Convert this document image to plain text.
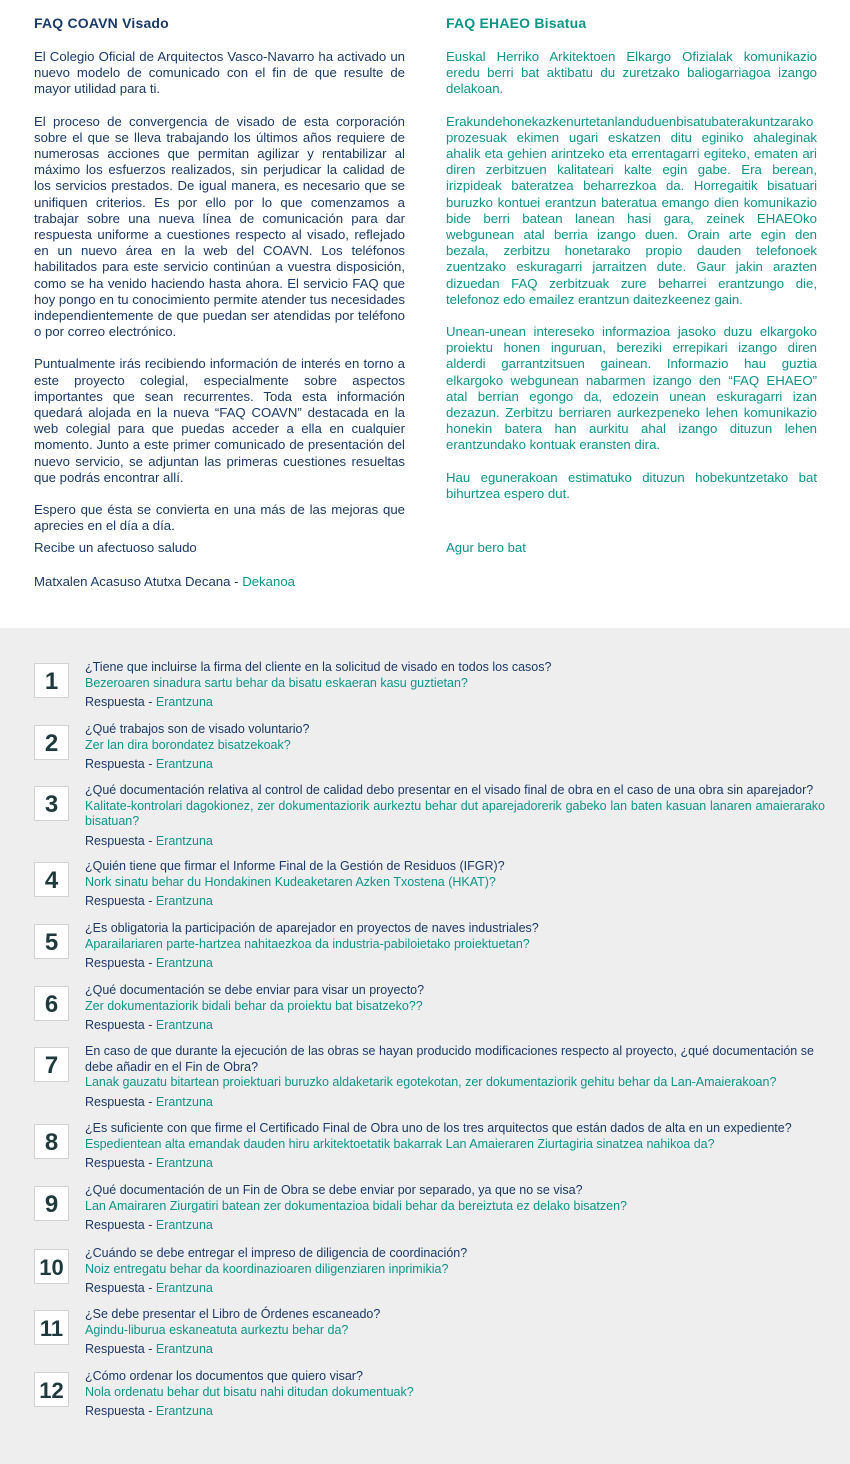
FAQ COAVN Visado

El Colegio Oficial de Arquitectos Vasco-Navarro ha activado un nuevo modelo de comunicado con el fin de que resulte de mayor utilidad para ti.

El proceso de convergencia de visado de esta corporación sobre el que se lleva trabajando los últimos años requiere de numerosas acciones que permitan agilizar y rentabilizar al máximo los esfuerzos realizados, sin perjudicar la calidad de los servicios prestados. De igual manera, es necesario que se unifiquen criterios. Es por ello por lo que comenzamos a trabajar sobre una nueva línea de comunicación para dar respuesta uniforme a cuestiones respecto al visado, reflejado en un nuevo área en la web del COAVN. Los teléfonos habilitados para este servicio continúan a vuestra disposición, como se ha venido haciendo hasta ahora. El servicio FAQ que hoy pongo en tu conocimiento permite atender tus necesidades independientemente de que puedan ser atendidas por teléfono o por correo electrónico.

Puntualmente irás recibiendo información de interés en torno a este proyecto colegial, especialmente sobre aspectos importantes que sean recurrentes. Toda esta información quedará alojada en la nueva “FAQ COAVN” destacada en la web colegial para que puedas acceder a ella en cualquier momento. Junto a este primer comunicado de presentación del nuevo servicio, se adjuntan las primeras cuestiones resueltas que podrás encontrar allí.

Espero que ésta se convierta en una más de las mejoras que aprecies en el día a día.

Recibe un afectuoso saludo

Matxalen Acasuso Atutxa Decana - Dekanoa

FAQ EHAEO Bisatua

Euskal Herriko Arkitektoen Elkargo Ofizialak komunikazio eredu berri bat aktibatu du zuretzako baliogarriagoa izango delakoan.

Erakundehonekazkenurtetanlanduduenbisatubaterakuntzarako prozesuak ekimen ugari eskatzen ditu eginiko ahaleginak ahalik eta gehien arintzeko eta errentagarri egiteko, ematen ari diren zerbitzuen kalitateari kalte egin gabe. Era berean, irizpideak bateratzea beharrezkoa da. Horregaitik bisatuari buruzko kontuei erantzun bateratua emango dien komunikazio bide berri batean lanean hasi gara, zeinek EHAEOko webgunean atal berria izango duen. Orain arte egin den bezala, zerbitzu honetarako propio dauden telefonoek zuentzako eskuragarri jarraitzen dute. Gaur jakin arazten dizuedan FAQ zerbitzuak zure beharrei erantzungo die, telefonoz edo emailez erantzun daitezkeenez gain.

Unean-unean intereseko informazioa jasoko duzu elkargoko proiektu honen inguruan, bereziki errepikari izango diren alderdi garrantzitsuen gainean. Informazio hau guztia elkargoko webgunean nabarmen izango den “FAQ EHAEO” atal berrian egongo da, edozein unean eskuragarri izan dezazun. Zerbitzu berriaren aurkezpeneko lehen komunikazio honekin batera han aurkitu ahal izango dituzun lehen erantzundako kontuak eransten dira.

Hau egunerakoan estimatuko dituzun hobekuntzetako bat bihurtzea espero dut.

Agur bero bat

1
¿Tiene que incluirse la firma del cliente en la solicitud de visado en todos los casos?
Bezeroaren sinadura sartu behar da bisatu eskaeran kasu guztietan?
Respuesta - Erantzuna
2
¿Qué trabajos son de visado voluntario?
Zer lan dira borondatez bisatzekoak?
Respuesta - Erantzuna
3
¿Qué documentación relativa al control de calidad debo presentar en el visado final de obra en el caso de una obra sin aparejador?
Kalitate-kontrolari dagokionez, zer dokumentaziorik aurkeztu behar dut aparejadorerik gabeko lan baten kasuan lanaren amaierarako bisatuan?
Respuesta - Erantzuna
4
¿Quién tiene que firmar el Informe Final de la Gestión de Residuos (IFGR)?
Nork sinatu behar du Hondakinen Kudeaketaren Azken Txostena (HKAT)?
Respuesta - Erantzuna
5
¿Es obligatoria la participación de aparejador en proyectos de naves industriales?
Aparailariaren parte-hartzea nahitaezkoa da industria-pabiloietako proiektuetan?
Respuesta - Erantzuna
6
¿Qué documentación se debe enviar para visar un proyecto?
Zer dokumentaziorik bidali behar da proiektu bat bisatzeko??
Respuesta - Erantzuna
7
En caso de que durante la ejecución de las obras se hayan producido modificaciones respecto al proyecto, ¿qué documentación se debe añadir en el Fin de Obra?
Lanak gauzatu bitartean proiektuari buruzko aldaketarik egotekotan, zer dokumentaziorik gehitu behar da Lan-Amaierakoan?
Respuesta - Erantzuna
8
¿Es suficiente con que firme el Certificado Final de Obra uno de los tres arquitectos que están dados de alta en un expediente?
Espedientean alta emandak dauden hiru arkitektoetatik bakarrak Lan Amaieraren Ziurtagiria sinatzea nahikoa da?
Respuesta - Erantzuna
9
¿Qué documentación de un Fin de Obra se debe enviar por separado, ya que no se visa?
Lan Amairaren Ziurgatiri batean zer dokumentazioa bidali behar da bereiztuta ez delako bisatzen?
Respuesta - Erantzuna
10
¿Cuándo se debe entregar el impreso de diligencia de coordinación?
Noiz entregatu behar da koordinazioaren diligenziaren inprimikia?
Respuesta - Erantzuna
11
¿Se debe presentar el Libro de Órdenes escaneado?
Agindu-liburua eskaneatuta aurkeztu behar da?
Respuesta - Erantzuna
12
¿Cómo ordenar los documentos que quiero visar?
Nola ordenatu behar dut bisatu nahi ditudan dokumentuak?
Respuesta - Erantzuna
